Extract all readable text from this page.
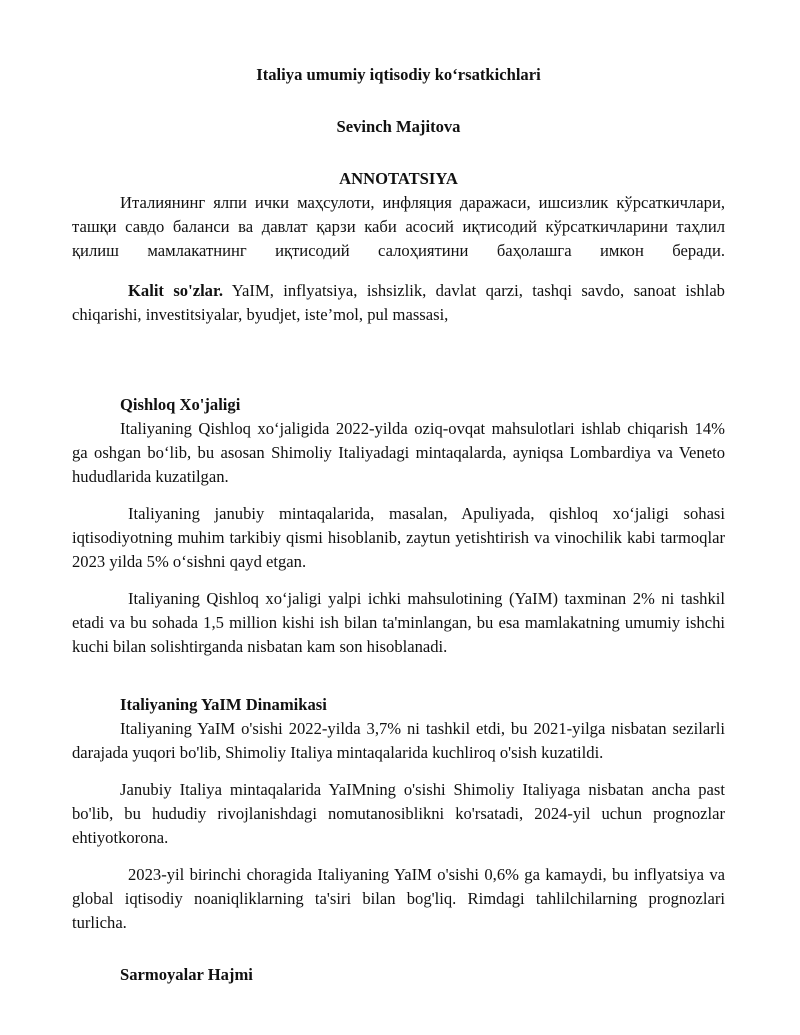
Italiya umumiy iqtisodiy koʻrsatkichlari
Sevinch Majitova
ANNOTATSIYA

Италиянинг ялпи ички маҳсулоти, инфляция даражаси, ишсизлик кўрсаткичлари, ташқи савдо баланси ва давлат қарзи каби асосий иқтисодий кўрсаткичларини таҳлил қилиш мамлакатнинг иқтисодий салоҳиятини баҳолашга имкон беради.

Kalit so'zlar. YaIM, inflyatsiya, ishsizlik, davlat qarzi, tashqi savdo, sanoat ishlab chiqarishi, investitsiyalar, byudjet, iste’mol, pul massasi,

Qishloq Xo'jaligi

Italiyaning Qishloq xoʻjaligida 2022-yilda oziq-ovqat mahsulotlari ishlab chiqarish 14% ga oshgan boʻlib, bu asosan Shimoliy Italiyadagi mintaqalarda, ayniqsa Lombardiya va Veneto hududlarida kuzatilgan.

Italiyaning janubiy mintaqalarida, masalan, Apuliyada, qishloq xoʻjaligi sohasi iqtisodiyotning muhim tarkibiy qismi hisoblanib, zaytun yetishtirish va vinochilik kabi tarmoqlar 2023 yilda 5% oʻsishni qayd etgan.

Italiyaning Qishloq xoʻjaligi yalpi ichki mahsulotining (YaIM) taxminan 2% ni tashkil etadi va bu sohada 1,5 million kishi ish bilan ta'minlangan, bu esa mamlakatning umumiy ishchi kuchi bilan solishtirganda nisbatan kam son hisoblanadi.

Italiyaning YaIM Dinamikasi

Italiyaning YaIM o'sishi 2022-yilda 3,7% ni tashkil etdi, bu 2021-yilga nisbatan sezilarli darajada yuqori bo'lib, Shimoliy Italiya mintaqalarida kuchliroq o'sish kuzatildi.

Janubiy Italiya mintaqalarida YaIMning o'sishi Shimoliy Italiyaga nisbatan ancha past bo'lib, bu hududiy rivojlanishdagi nomutanosiblikni ko'rsatadi, 2024-yil uchun prognozlar ehtiyotkorona.

2023-yil birinchi choragida Italiyaning YaIM o'sishi 0,6% ga kamaydi, bu inflyatsiya va global iqtisodiy noaniqliklarning ta'siri bilan bog'liq. Rimdagi tahlilchilarning prognozlari turlicha.

Sarmoyalar Hajmi
